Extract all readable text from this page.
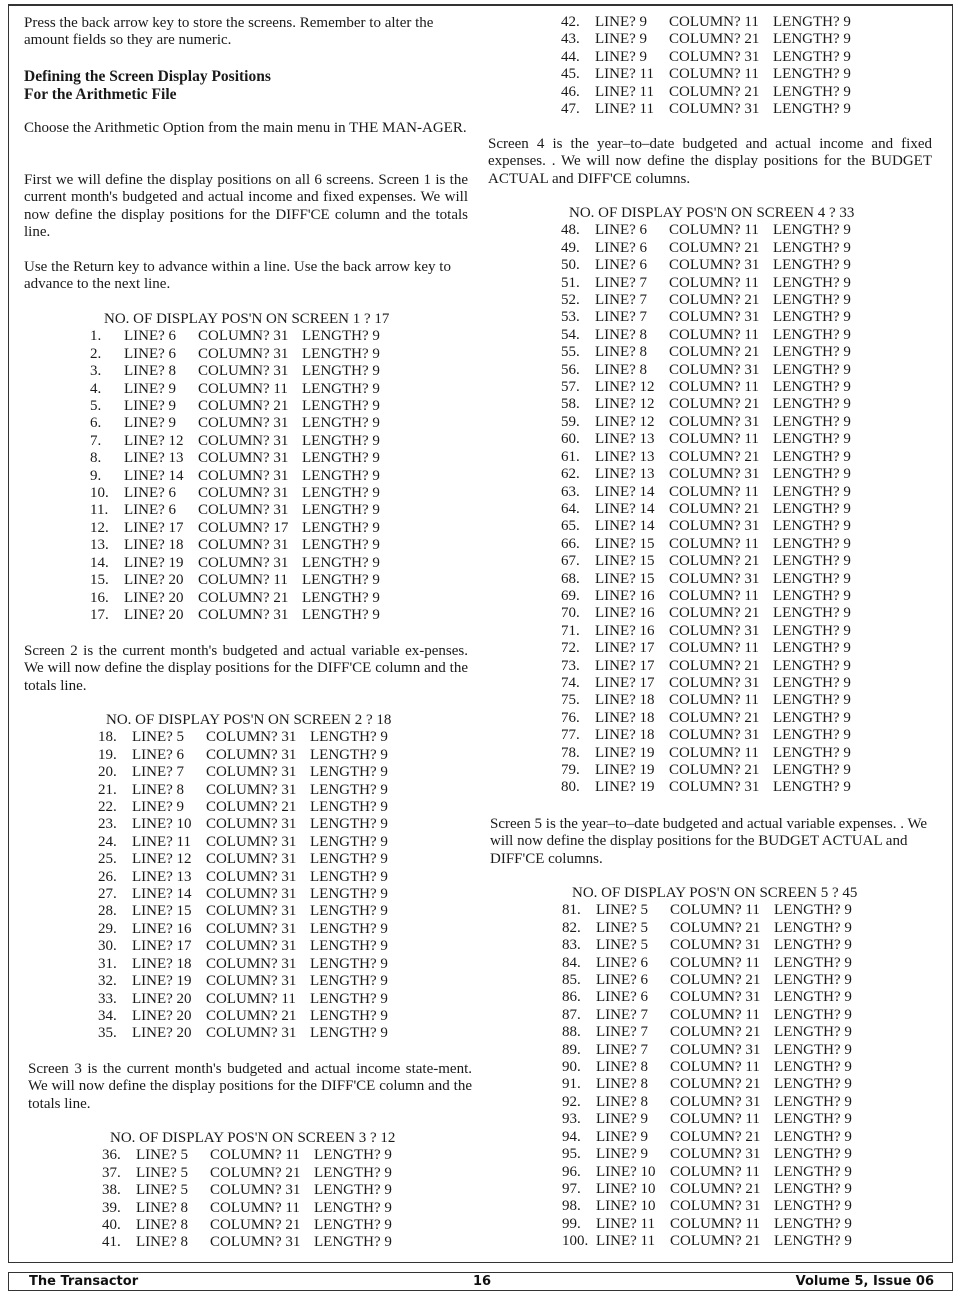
Press the back arrow key to store the screens. Remember to alter the amount fields so they are numeric.

Defining the Screen Display Positions
For the Arithmetic File

Choose the Arithmetic Option from the main menu in THE MAN-AGER.

First we will define the display positions on all 6 screens. Screen 1 is the current month's budgeted and actual income and fixed expenses. We will now define the display positions for the DIFF'CE column and the totals line.

Use the Return key to advance within a line. Use the back arrow key to advance to the next line.

NO. OF DISPLAY POS'N ON SCREEN 1 ? 17
1.	LINE? 6	COLUMN? 31 LENGTH? 9
2.	LINE? 6	COLUMN? 31 LENGTH? 9
3.	LINE? 8	COLUMN? 31 LENGTH? 9
4.	LINE? 9	COLUMN? 11 LENGTH? 9
5.	LINE? 9	COLUMN? 21 LENGTH? 9
6.	LINE? 9	COLUMN? 31 LENGTH? 9
7.	LINE? 12 COLUMN? 31 LENGTH? 9
8.	LINE? 13 COLUMN? 31 LENGTH? 9
9.	LINE? 14 COLUMN? 31 LENGTH? 9
10.	LINE? 6	COLUMN? 31 LENGTH? 9
11.	LINE? 6	COLUMN? 31 LENGTH? 9
12.	LINE? 17 COLUMN? 17 LENGTH? 9
13.	LINE? 18 COLUMN? 31 LENGTH? 9
14.	LINE? 19 COLUMN? 31 LENGTH? 9
15.	LINE? 20 COLUMN? 11 LENGTH? 9
16.	LINE? 20 COLUMN? 21 LENGTH? 9
17.	LINE? 20 COLUMN? 31 LENGTH? 9

Screen 2 is the current month's budgeted and actual variable ex-penses. We will now define the display positions for the DIFF'CE column and the totals line.

NO. OF DISPLAY POS'N ON SCREEN 2 ? 18
18.	LINE? 5	COLUMN? 31 LENGTH? 9
19.	LINE? 6	COLUMN? 31 LENGTH? 9
20.	LINE? 7	COLUMN? 31 LENGTH? 9
21.	LINE? 8	COLUMN? 31 LENGTH? 9
22.	LINE? 9	COLUMN? 21 LENGTH? 9
23.	LINE? 10 COLUMN? 31 LENGTH? 9
24.	LINE? 11 COLUMN? 31 LENGTH? 9
25.	LINE? 12 COLUMN? 31 LENGTH? 9
26.	LINE? 13 COLUMN? 31 LENGTH? 9
27.	LINE? 14 COLUMN? 31 LENGTH? 9
28.	LINE? 15 COLUMN? 31 LENGTH? 9
29.	LINE? 16 COLUMN? 31 LENGTH? 9
30.	LINE? 17 COLUMN? 31 LENGTH? 9
31.	LINE? 18 COLUMN? 31 LENGTH? 9
32.	LINE? 19 COLUMN? 31 LENGTH? 9
33.	LINE? 20 COLUMN? 11 LENGTH? 9
34.	LINE? 20 COLUMN? 21 LENGTH? 9
35.	LINE? 20 COLUMN? 31 LENGTH? 9

Screen 3 is the current month's budgeted and actual income state-ment. We will now define the display positions for the DIFF'CE column and the totals line.

NO. OF DISPLAY POS'N ON SCREEN 3 ? 12
36.	LINE? 5	COLUMN? 11 LENGTH? 9
37.	LINE? 5	COLUMN? 21 LENGTH? 9
38.	LINE? 5	COLUMN? 31 LENGTH? 9
39.	LINE? 8	COLUMN? 11 LENGTH? 9
40.	LINE? 8	COLUMN? 21 LENGTH? 9
41.	LINE? 8	COLUMN? 31 LENGTH? 9
42.	LINE? 9	COLUMN? 11 LENGTH? 9
43.	LINE? 9	COLUMN? 21 LENGTH? 9
44.	LINE? 9	COLUMN? 31 LENGTH? 9
45.	LINE? 11 COLUMN? 11 LENGTH? 9
46.	LINE? 11 COLUMN? 21 LENGTH? 9
47.	LINE? 11 COLUMN? 31 LENGTH? 9

Screen 4 is the year–to–date budgeted and actual income and fixed expenses. . We will now define the display positions for the BUDGET ACTUAL and DIFF'CE columns.

NO. OF DISPLAY POS'N ON SCREEN 4 ? 33
48.	LINE? 6	COLUMN? 11 LENGTH? 9
49.	LINE? 6	COLUMN? 21 LENGTH? 9
50.	LINE? 6	COLUMN? 31 LENGTH? 9
51.	LINE? 7	COLUMN? 11 LENGTH? 9
52.	LINE? 7	COLUMN? 21 LENGTH? 9
53.	LINE? 7	COLUMN? 31 LENGTH? 9
54.	LINE? 8	COLUMN? 11 LENGTH? 9
55.	LINE? 8	COLUMN? 21 LENGTH? 9
56.	LINE? 8	COLUMN? 31 LENGTH? 9
57.	LINE? 12 COLUMN? 11 LENGTH? 9
58.	LINE? 12 COLUMN? 21 LENGTH? 9
59.	LINE? 12 COLUMN? 31 LENGTH? 9
60.	LINE? 13 COLUMN? 11 LENGTH? 9
61.	LINE? 13 COLUMN? 21 LENGTH? 9
62.	LINE? 13 COLUMN? 31 LENGTH? 9
63.	LINE? 14 COLUMN? 11 LENGTH? 9
64.	LINE? 14 COLUMN? 21 LENGTH? 9
65.	LINE? 14 COLUMN? 31 LENGTH? 9
66.	LINE? 15 COLUMN? 11 LENGTH? 9
67.	LINE? 15 COLUMN? 21 LENGTH? 9
68.	LINE? 15 COLUMN? 31 LENGTH? 9
69.	LINE? 16 COLUMN? 11 LENGTH? 9
70.	LINE? 16 COLUMN? 21 LENGTH? 9
71.	LINE? 16 COLUMN? 31 LENGTH? 9
72.	LINE? 17 COLUMN? 11 LENGTH? 9
73.	LINE? 17 COLUMN? 21 LENGTH? 9
74.	LINE? 17 COLUMN? 31 LENGTH? 9
75.	LINE? 18 COLUMN? 11 LENGTH? 9
76.	LINE? 18 COLUMN? 21 LENGTH? 9
77.	LINE? 18 COLUMN? 31 LENGTH? 9
78.	LINE? 19 COLUMN? 11 LENGTH? 9
79.	LINE? 19 COLUMN? 21 LENGTH? 9
80.	LINE? 19 COLUMN? 31 LENGTH? 9

Screen 5 is the year–to–date budgeted and actual variable expenses. . We will now define the display positions for the BUDGET ACTUAL and DIFF'CE columns.

NO. OF DISPLAY POS'N ON SCREEN 5 ? 45
81.	LINE? 5	COLUMN? 11 LENGTH? 9
82.	LINE? 5	COLUMN? 21 LENGTH? 9
83.	LINE? 5	COLUMN? 31 LENGTH? 9
84.	LINE? 6	COLUMN? 11 LENGTH? 9
85.	LINE? 6	COLUMN? 21 LENGTH? 9
86.	LINE? 6	COLUMN? 31 LENGTH? 9
87.	LINE? 7	COLUMN? 11 LENGTH? 9
88.	LINE? 7	COLUMN? 21 LENGTH? 9
89.	LINE? 7	COLUMN? 31 LENGTH? 9
90.	LINE? 8	COLUMN? 11 LENGTH? 9
91.	LINE? 8	COLUMN? 21 LENGTH? 9
92.	LINE? 8	COLUMN? 31 LENGTH? 9
93.	LINE? 9	COLUMN? 11 LENGTH? 9
94.	LINE? 9	COLUMN? 21 LENGTH? 9
95.	LINE? 9	COLUMN? 31 LENGTH? 9
96.	LINE? 10 COLUMN? 11 LENGTH? 9
97.	LINE? 10 COLUMN? 21 LENGTH? 9
98.	LINE? 10 COLUMN? 31 LENGTH? 9
99.	LINE? 11 COLUMN? 11 LENGTH? 9
100. LINE? 11 COLUMN? 21 LENGTH? 9
The Transactor	16	Volume 5, Issue 06
